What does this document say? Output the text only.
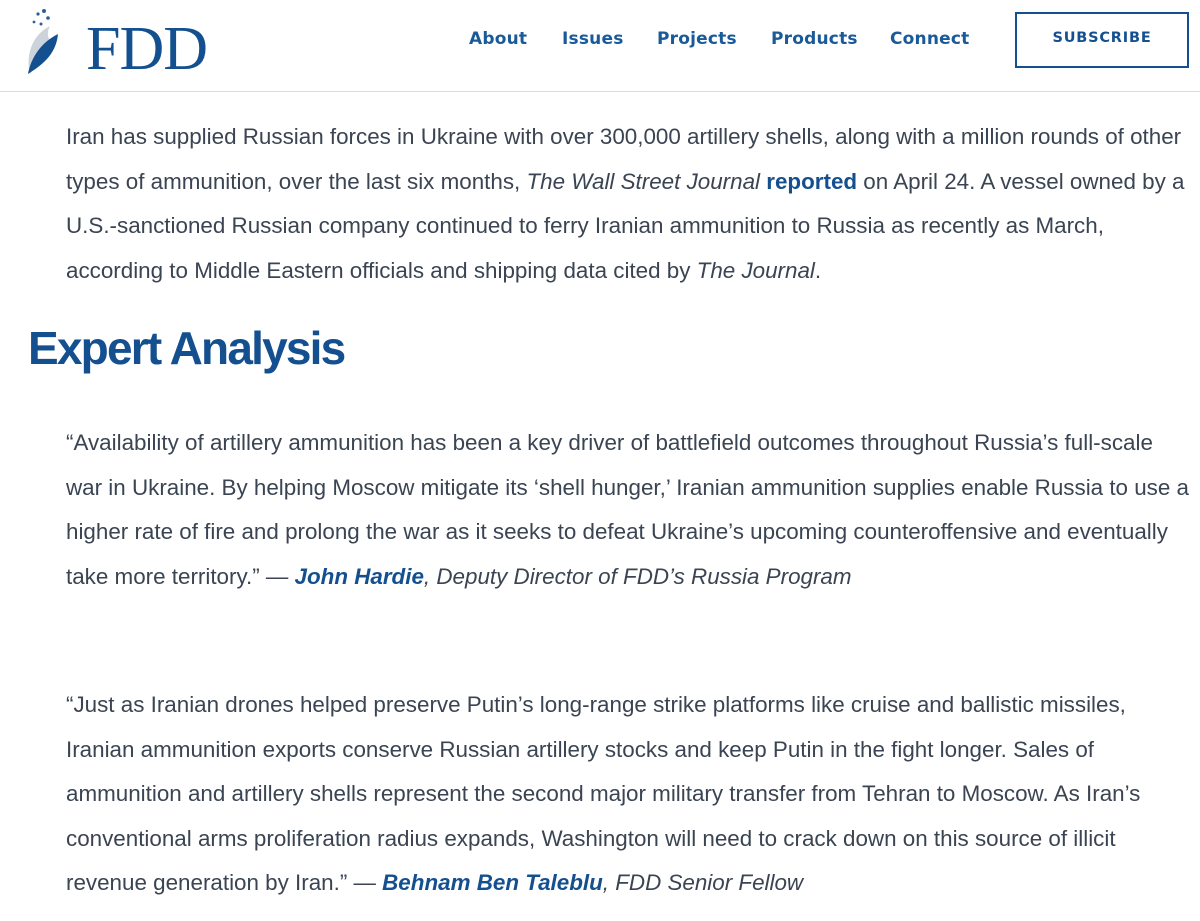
FDD	About Issues Projects Products Connect	SUBSCRIBE

Iran has supplied Russian forces in Ukraine with over 300,000 artillery shells, along with a million rounds of other types of ammunition, over the last six months, The Wall Street Journal reported on April 24. A vessel owned by a U.S.-sanctioned Russian company continued to ferry Iranian ammunition to Russia as recently as March, according to Middle Eastern officials and shipping data cited by The Journal.

Expert Analysis

“Availability of artillery ammunition has been a key driver of battlefield outcomes throughout Russia’s full-scale war in Ukraine. By helping Moscow mitigate its ‘shell hunger,’ Iranian ammunition supplies enable Russia to use a higher rate of fire and prolong the war as it seeks to defeat Ukraine’s upcoming counteroffensive and eventually take more territory.” — John Hardie, Deputy Director of FDD’s Russia Program

“Just as Iranian drones helped preserve Putin’s long-range strike platforms like cruise and ballistic missiles, Iranian ammunition exports conserve Russian artillery stocks and keep Putin in the fight longer. Sales of ammunition and artillery shells represent the second major military transfer from Tehran to Moscow. As Iran’s conventional arms proliferation radius expands, Washington will need to crack down on this source of illicit revenue generation by Iran.” — Behnam Ben Taleblu, FDD Senior Fellow
